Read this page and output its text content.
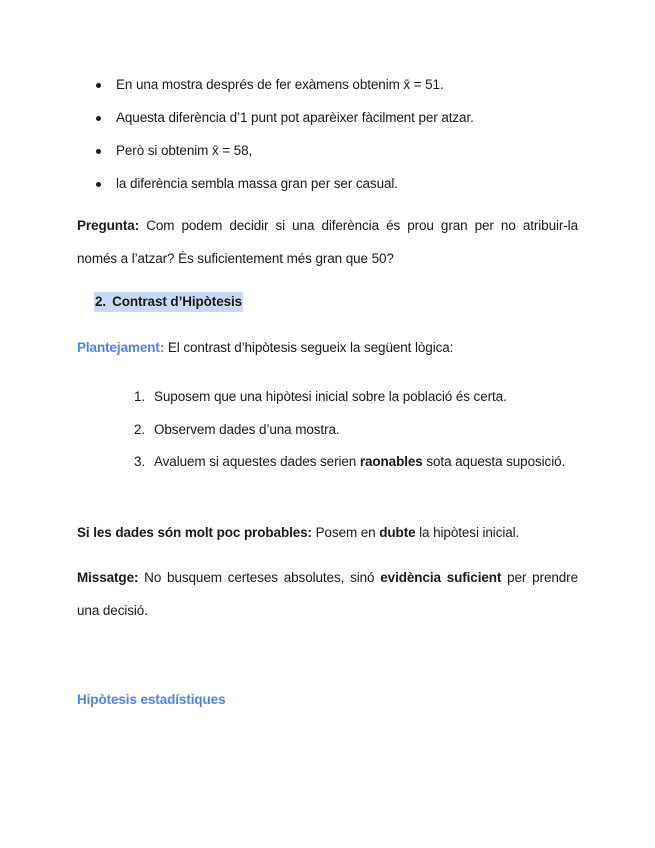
En una mostra després de fer exàmens obtenim x̄ = 51.
Aquesta diferència d’1 punt pot aparèixer fàcilment per atzar.
Però si obtenim x̄ = 58,
la diferència sembla massa gran per ser casual.
Pregunta: Com podem decidir si una diferència és prou gran per no atribuir-la només a l’atzar? És suficientement més gran que 50?
2. Contrast d’Hipòtesis
Plantejament: El contrast d’hipòtesis segueix la següent lògica:
1. Suposem que una hipòtesi inicial sobre la població és certa.
2. Observem dades d’una mostra.
3. Avaluem si aquestes dades serien raonables sota aquesta suposició.
Si les dades són molt poc probables: Posem en dubte la hipòtesi inicial.
Missatge: No busquem certeses absolutes, sinó evidència suficient per prendre una decisió.
Hipòtesis estadístiques
